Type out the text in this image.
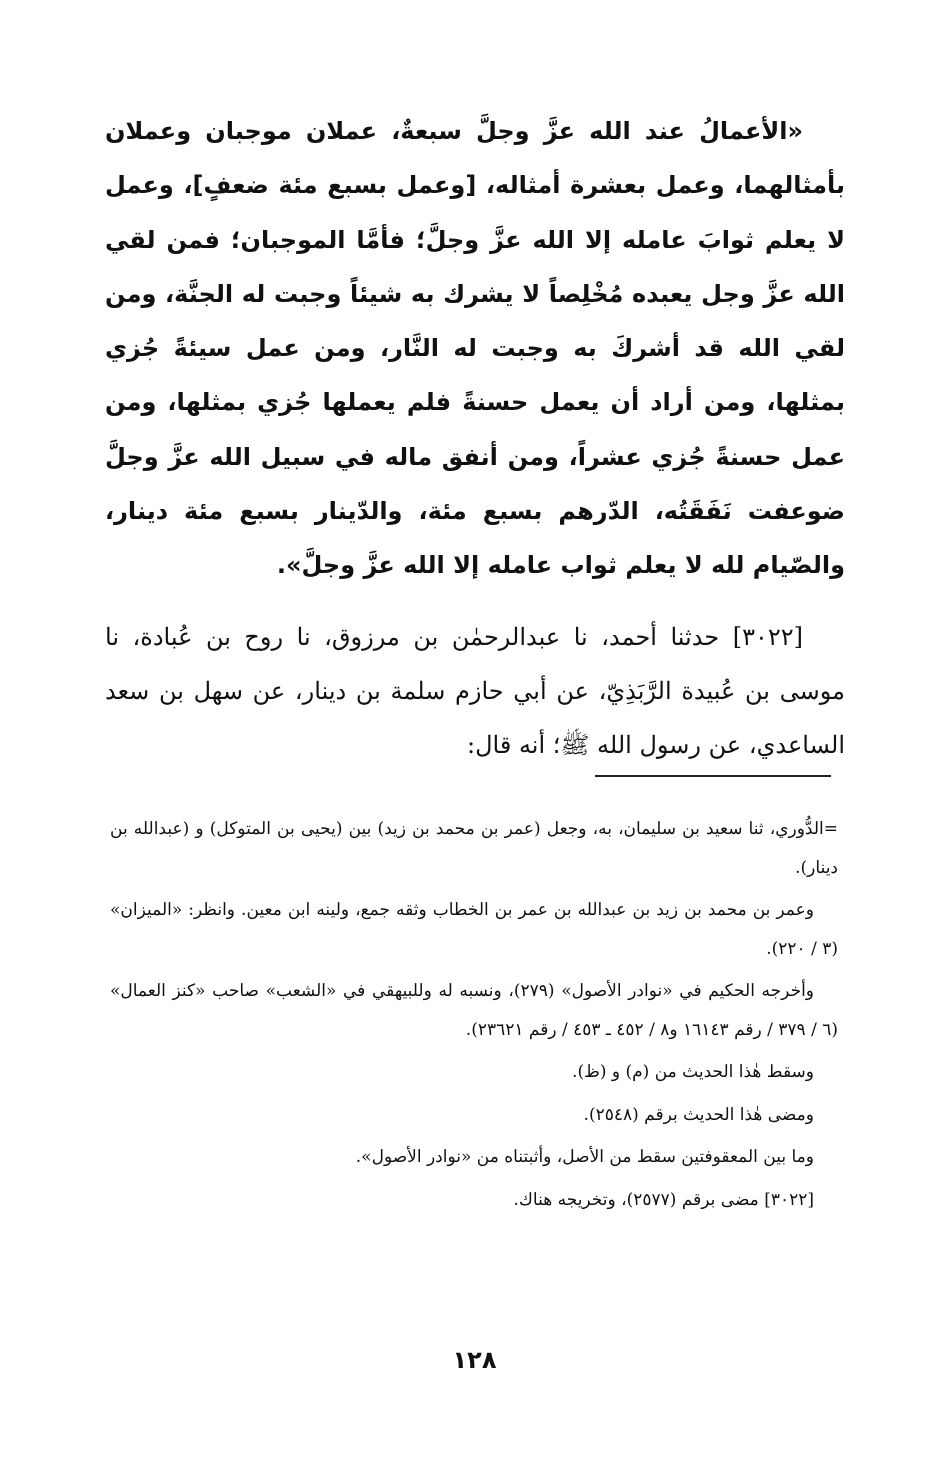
«الأعمالُ عند الله عزَّ وجلَّ سبعةٌ، عملان موجبان وعملان بأمثالهما، وعمل بعشرة أمثاله، [وعمل بسبع مئة ضعفٍ]، وعمل لا يعلم ثوابَ عامله إلا الله عزَّ وجلَّ؛ فأمَّا الموجبان؛ فمن لقي الله عزَّ وجل يعبده مُخْلِصاً لا يشرك به شيئاً وجبت له الجنَّة، ومن لقي الله قد أشركَ به وجبت له النَّار، ومن عمل سيئةً جُزي بمثلها، ومن أراد أن يعمل حسنةً فلم يعملها جُزي بمثلها، ومن عمل حسنةً جُزي عشراً، ومن أنفق ماله في سبيل الله عزَّ وجلَّ ضوعفت نَفَقَتُه، الدّرهم بسبع مئة، والدّينار بسبع مئة دينار، والصّيام لله لا يعلم ثواب عامله إلا الله عزَّ وجلَّ».

[٣٠٢٢] حدثنا أحمد، نا عبدالرحمٰن بن مرزوق، نا روح بن عُبادة، نا موسى بن عُبيدة الرَّبَذِيّ، عن أبي حازم سلمة بن دينار، عن سهل بن سعد الساعدي، عن رسول الله ﷺ؛ أنه قال:

=الدُّوري، ثنا سعيد بن سليمان، به، وجعل (عمر بن محمد بن زيد) بين (يحيى بن المتوكل) و (عبدالله بن دينار).

وعمر بن محمد بن زيد بن عبدالله بن عمر بن الخطاب وثقه جمع، ولينه ابن معين. وانظر: «الميزان» (٣ / ٢٢٠).

وأخرجه الحكيم في «نوادر الأصول» (٢٧٩)، ونسبه له وللبيهقي في «الشعب» صاحب «كنز العمال» (٦ / ٣٧٩ / رقم ١٦١٤٣ و٨ / ٤٥٢ ـ ٤٥٣ / رقم ٢٣٦٢١).

وسقط هٰذا الحديث من (م) و (ظ).

ومضى هٰذا الحديث برقم (٢٥٤٨).

وما بين المعقوفتين سقط من الأصل، وأثبتناه من «نوادر الأصول».

[٣٠٢٢] مضى برقم (٢٥٧٧)، وتخريجه هناك.

١٢٨
